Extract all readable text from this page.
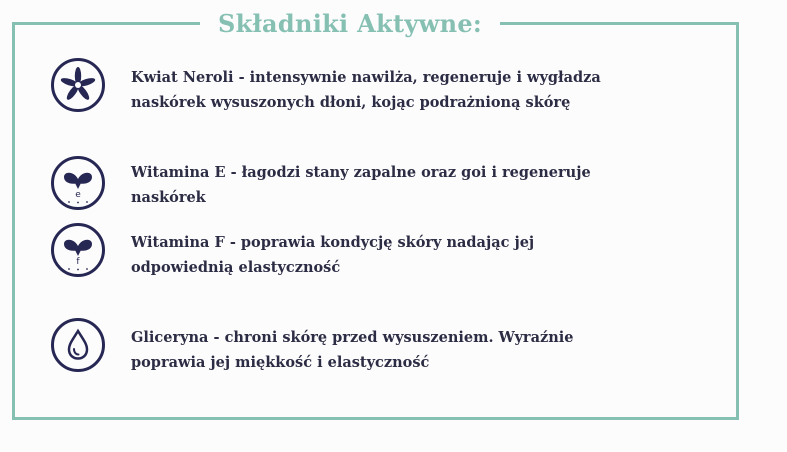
Składniki Aktywne:
Kwiat Neroli - intensywnie nawilża, regeneruje i wygładza naskórek wysuszonych dłoni, kojąc podrażnioną skórę
e
Witamina E - łagodzi stany zapalne oraz goi i regeneruje naskórek
f
Witamina F - poprawia kondycję skóry nadając jej odpowiednią elastyczność
Gliceryna - chroni skórę przed wysuszeniem. Wyraźnie poprawia jej miękkość i elastyczność
